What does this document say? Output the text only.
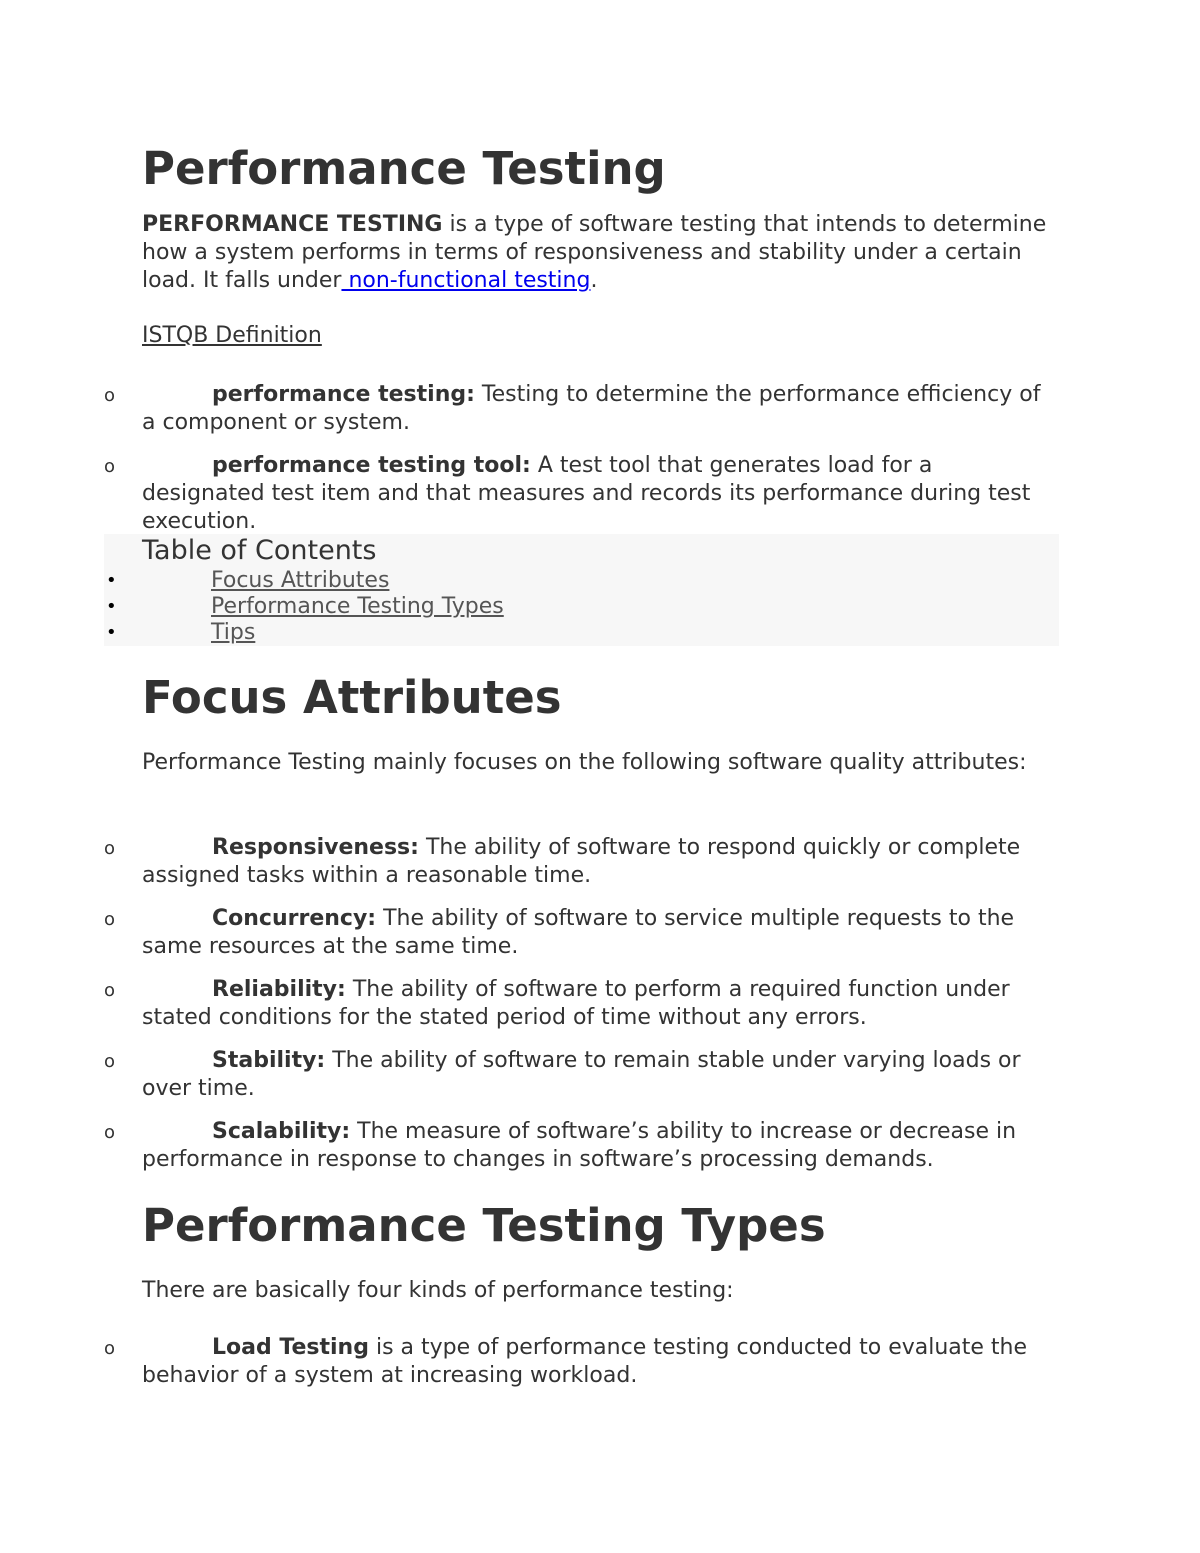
Performance Testing
PERFORMANCE TESTING is a type of software testing that intends to determine how a system performs in terms of responsiveness and stability under a certain load. It falls under non-functional testing.
ISTQB Definition
o	performance testing: Testing to determine the performance efficiency of a component or system.
o	performance testing tool: A test tool that generates load for a designated test item and that measures and records its performance during test execution.
Table of Contents
•	Focus Attributes
•	Performance Testing Types
•	Tips
Focus Attributes
Performance Testing mainly focuses on the following software quality attributes:
o	Responsiveness: The ability of software to respond quickly or complete assigned tasks within a reasonable time.
o	Concurrency: The ability of software to service multiple requests to the same resources at the same time.
o	Reliability: The ability of software to perform a required function under stated conditions for the stated period of time without any errors.
o	Stability: The ability of software to remain stable under varying loads or over time.
o	Scalability: The measure of software’s ability to increase or decrease in performance in response to changes in software’s processing demands.
Performance Testing Types
There are basically four kinds of performance testing:
o	Load Testing is a type of performance testing conducted to evaluate the behavior of a system at increasing workload.
